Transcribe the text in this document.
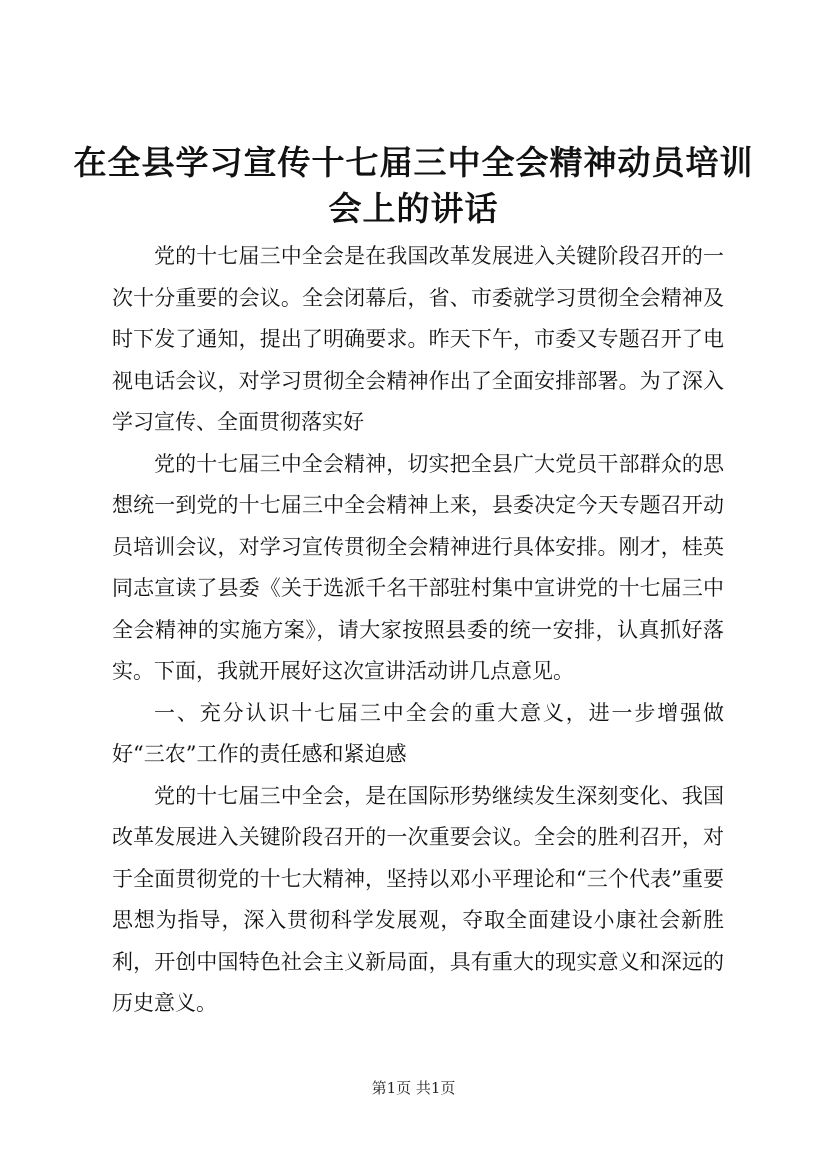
在全县学习宣传十七届三中全会精神动员培训
会上的讲话

党的十七届三中全会是在我国改革发展进入关键阶段召开的一次十分重要的会议。全会闭幕后，省、市委就学习贯彻全会精神及时下发了通知，提出了明确要求。昨天下午，市委又专题召开了电视电话会议，对学习贯彻全会精神作出了全面安排部署。为了深入学习宣传、全面贯彻落实好

党的十七届三中全会精神，切实把全县广大党员干部群众的思想统一到党的十七届三中全会精神上来，县委决定今天专题召开动员培训会议，对学习宣传贯彻全会精神进行具体安排。刚才，桂英同志宣读了县委《关于选派千名干部驻村集中宣讲党的十七届三中全会精神的实施方案》，请大家按照县委的统一安排，认真抓好落实。下面，我就开展好这次宣讲活动讲几点意见。

一、充分认识十七届三中全会的重大意义，进一步增强做好“三农”工作的责任感和紧迫感

党的十七届三中全会，是在国际形势继续发生深刻变化、我国改革发展进入关键阶段召开的一次重要会议。全会的胜利召开，对于全面贯彻党的十七大精神，坚持以邓小平理论和“三个代表”重要思想为指导，深入贯彻科学发展观，夺取全面建设小康社会新胜利，开创中国特色社会主义新局面，具有重大的现实意义和深远的历史意义。

第1页 共1页
